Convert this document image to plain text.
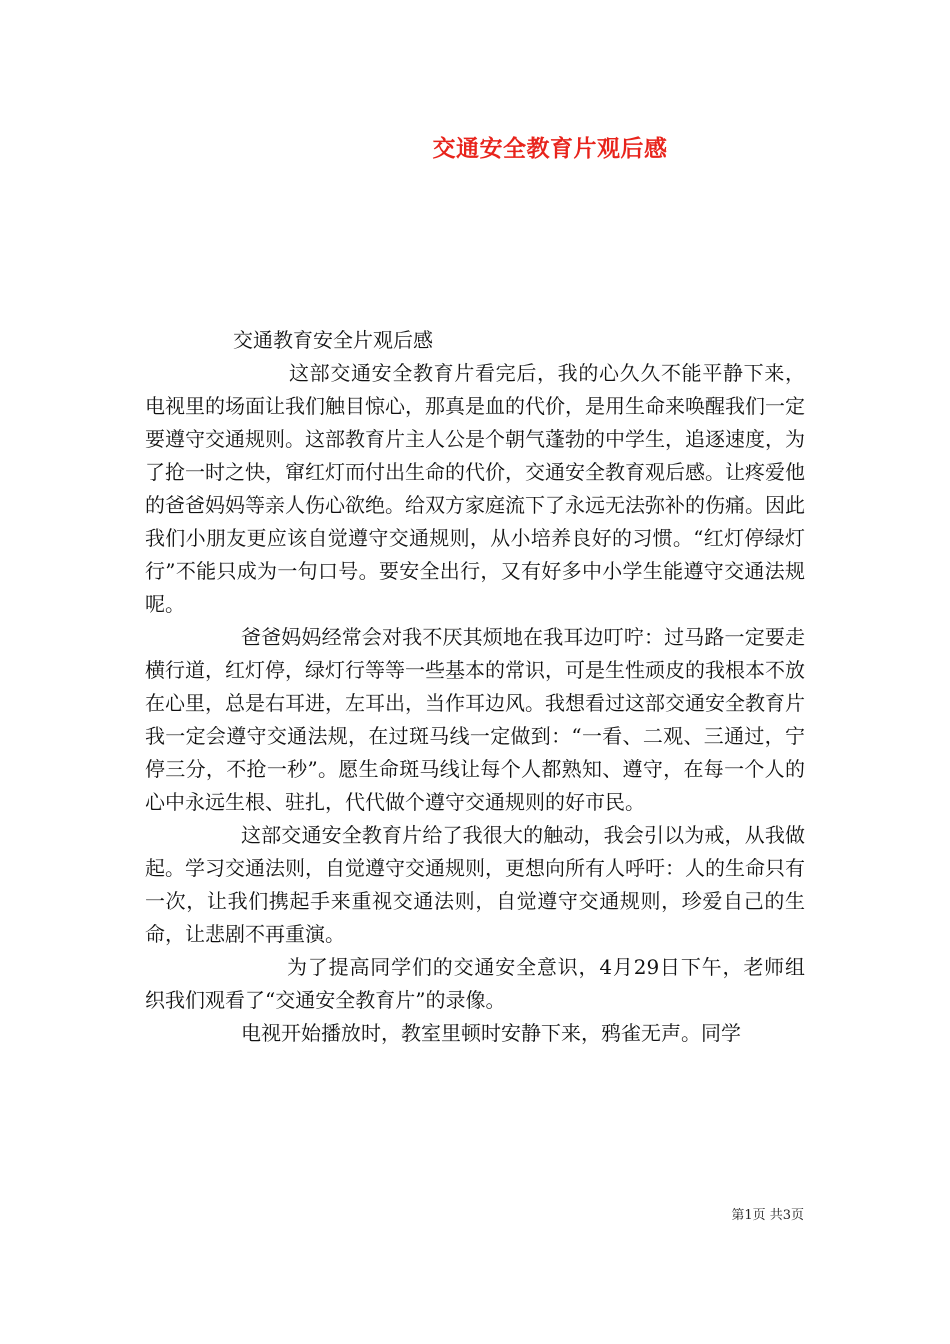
交通安全教育片观后感

交通教育安全片观后感

这部交通安全教育片看完后，我的心久久不能平静下来，电视里的场面让我们触目惊心，那真是血的代价，是用生命来唤醒我们一定要遵守交通规则。这部教育片主人公是个朝气蓬勃的中学生，追逐速度，为了抢一时之快，窜红灯而付出生命的代价，交通安全教育观后感。让疼爱他的爸爸妈妈等亲人伤心欲绝。给双方家庭流下了永远无法弥补的伤痛。因此我们小朋友更应该自觉遵守交通规则，从小培养良好的习惯。“红灯停绿灯行”不能只成为一句口号。要安全出行，又有好多中小学生能遵守交通法规呢。

爸爸妈妈经常会对我不厌其烦地在我耳边叮咛：过马路一定要走横行道，红灯停，绿灯行等等一些基本的常识，可是生性顽皮的我根本不放在心里，总是右耳进，左耳出，当作耳边风。我想看过这部交通安全教育片我一定会遵守交通法规，在过斑马线一定做到：“一看、二观、三通过，宁停三分，不抢一秒”。愿生命斑马线让每个人都熟知、遵守，在每一个人的心中永远生根、驻扎，代代做个遵守交通规则的好市民。

这部交通安全教育片给了我很大的触动，我会引以为戒，从我做起。学习交通法则，自觉遵守交通规则，更想向所有人呼吁：人的生命只有一次，让我们携起手来重视交通法则，自觉遵守交通规则，珍爱自己的生命，让悲剧不再重演。

为了提高同学们的交通安全意识，4月29日下午，老师组织我们观看了“交通安全教育片”的录像。

电视开始播放时，教室里顿时安静下来，鸦雀无声。同学

第1页 共3页
